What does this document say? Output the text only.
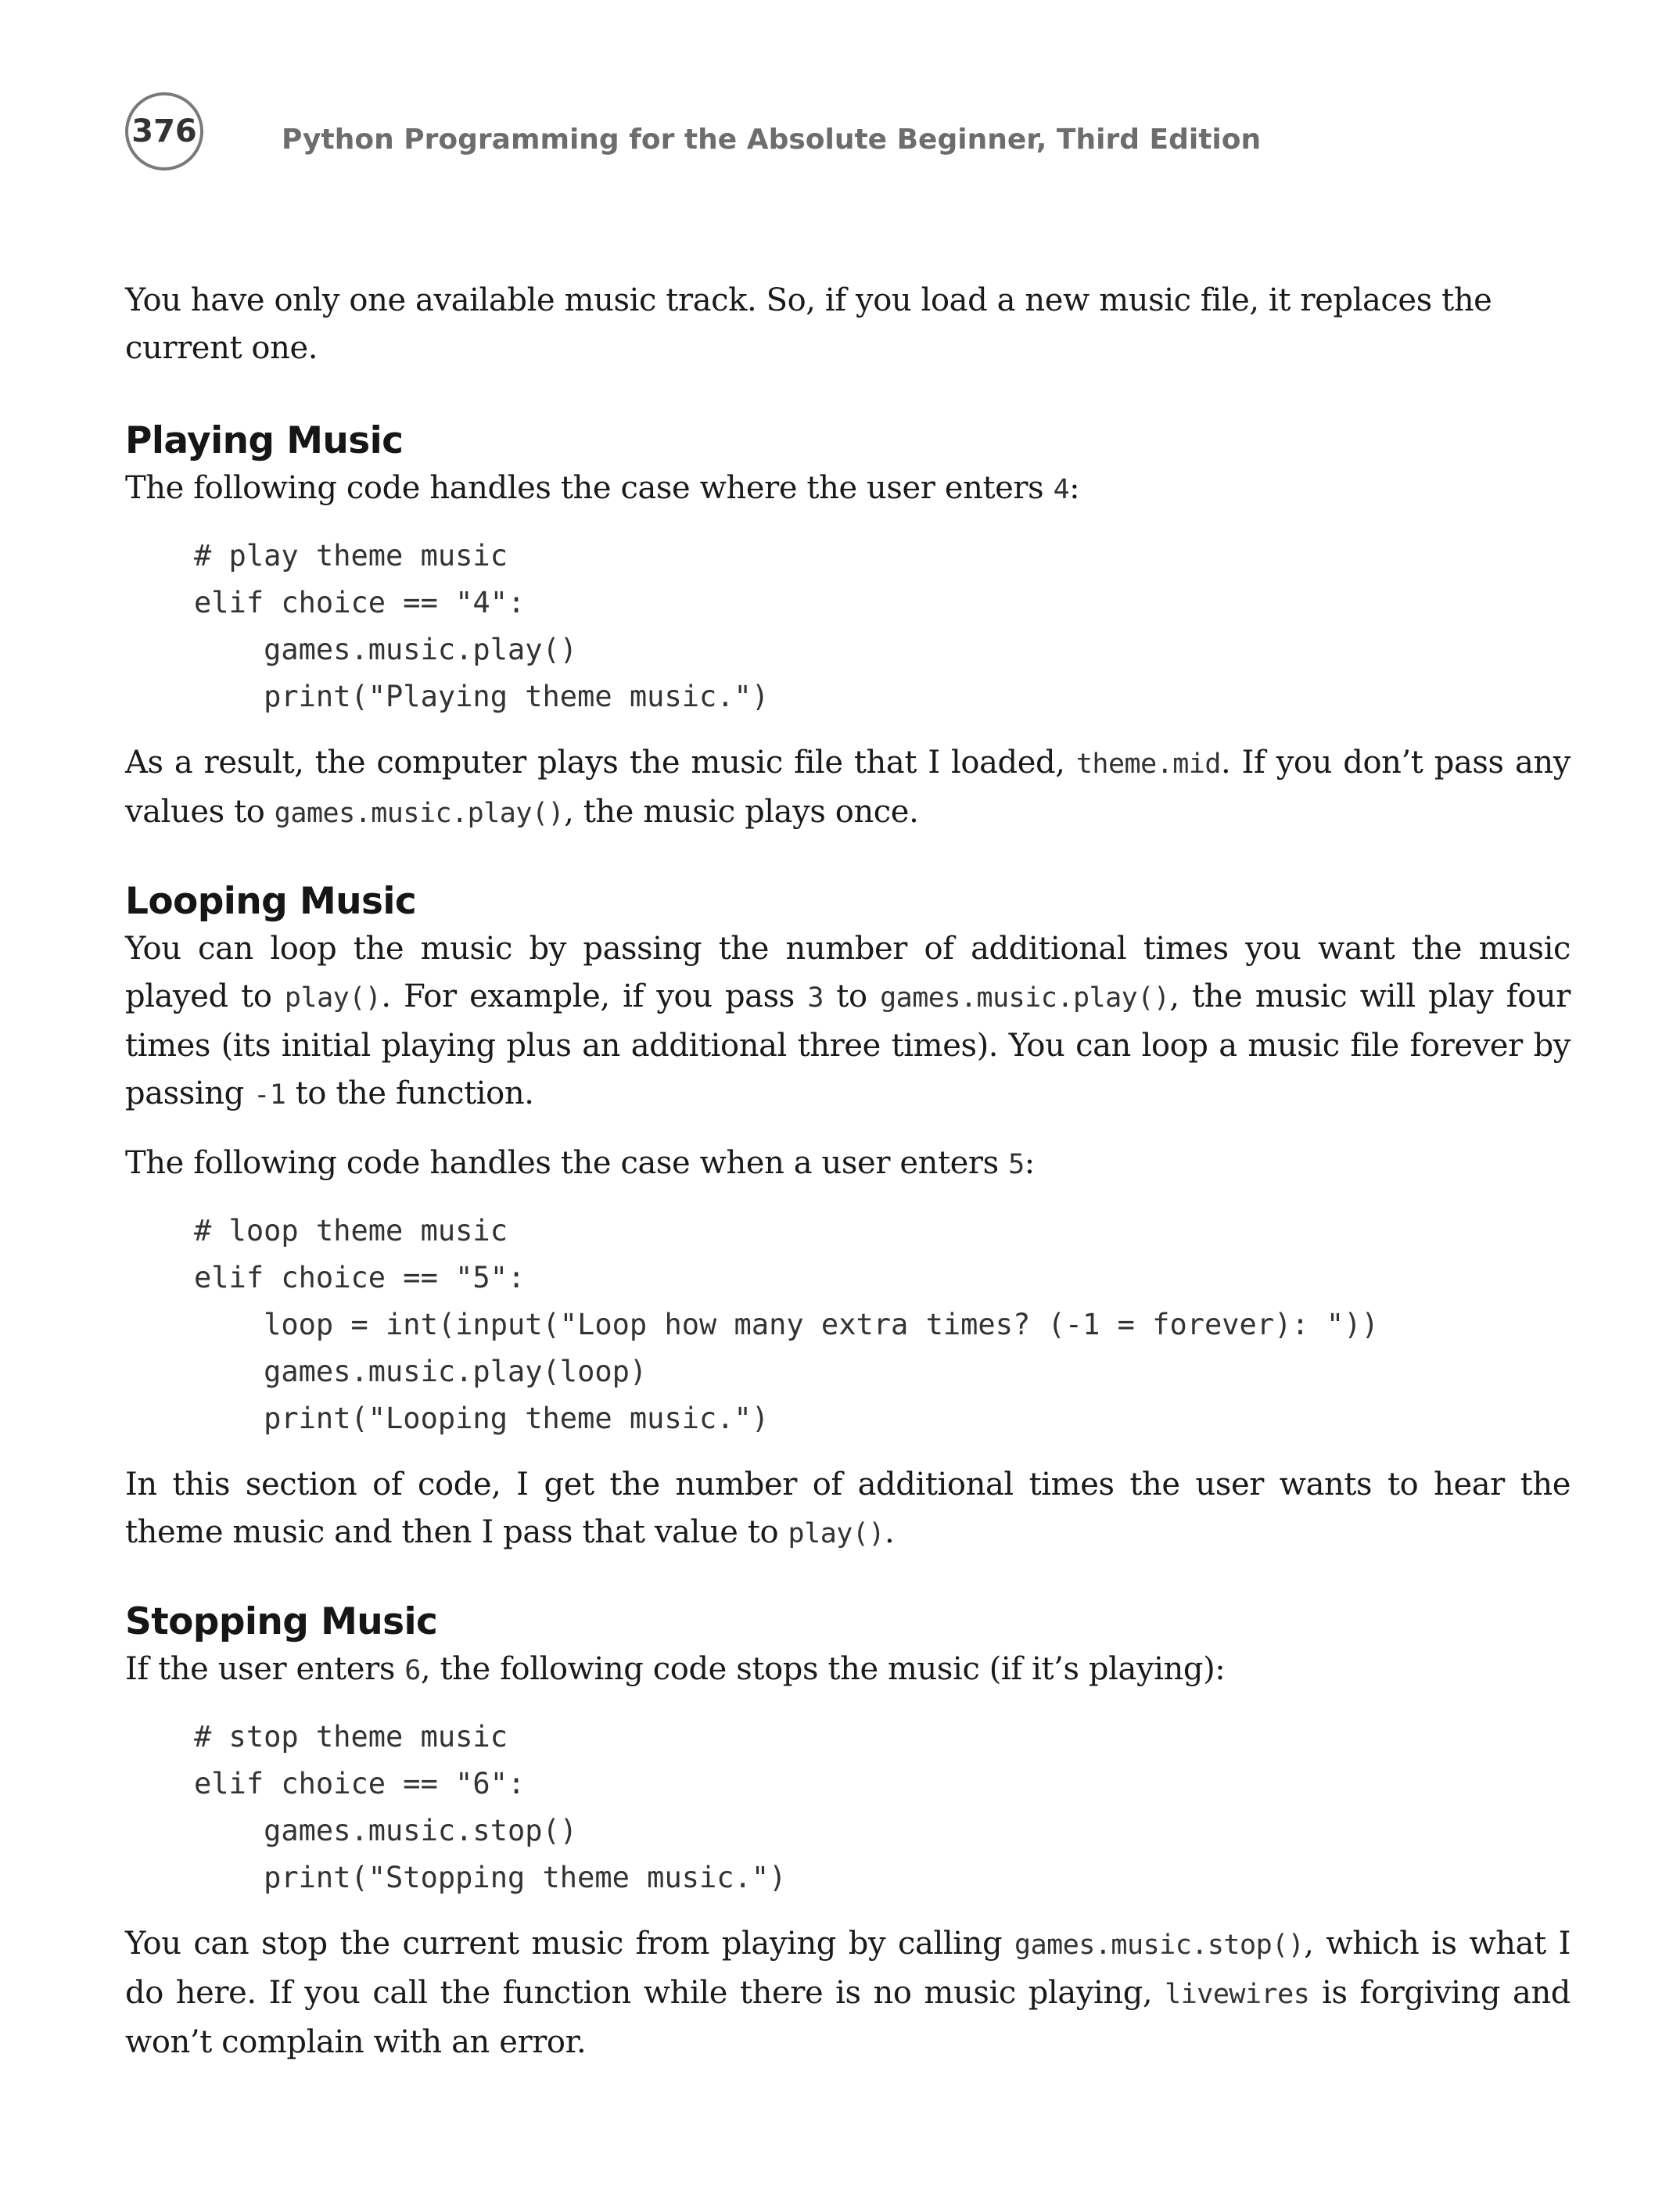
376	Python Programming for the Absolute Beginner, Third Edition

You have only one available music track. So, if you load a new music file, it replaces the current one.

Playing Music

The following code handles the case where the user enters 4:

# play theme music
elif choice == "4":
games.music.play()
print("Playing theme music.")

As a result, the computer plays the music file that I loaded, theme.mid. If you don’t pass any values to games.music.play(), the music plays once.

Looping Music

You can loop the music by passing the number of additional times you want the music played to play(). For example, if you pass 3 to games.music.play(), the music will play four times (its initial playing plus an additional three times). You can loop a music file forever by passing -1 to the function.

The following code handles the case when a user enters 5:

# loop theme music
elif choice == "5":
loop = int(input("Loop how many extra times? (-1 = forever): "))
games.music.play(loop)
print("Looping theme music.")

In this section of code, I get the number of additional times the user wants to hear the theme music and then I pass that value to play().

Stopping Music

If the user enters 6, the following code stops the music (if it’s playing):

# stop theme music
elif choice == "6":
games.music.stop()
print("Stopping theme music.")

You can stop the current music from playing by calling games.music.stop(), which is what I do here. If you call the function while there is no music playing, livewires is forgiving and won’t complain with an error.
